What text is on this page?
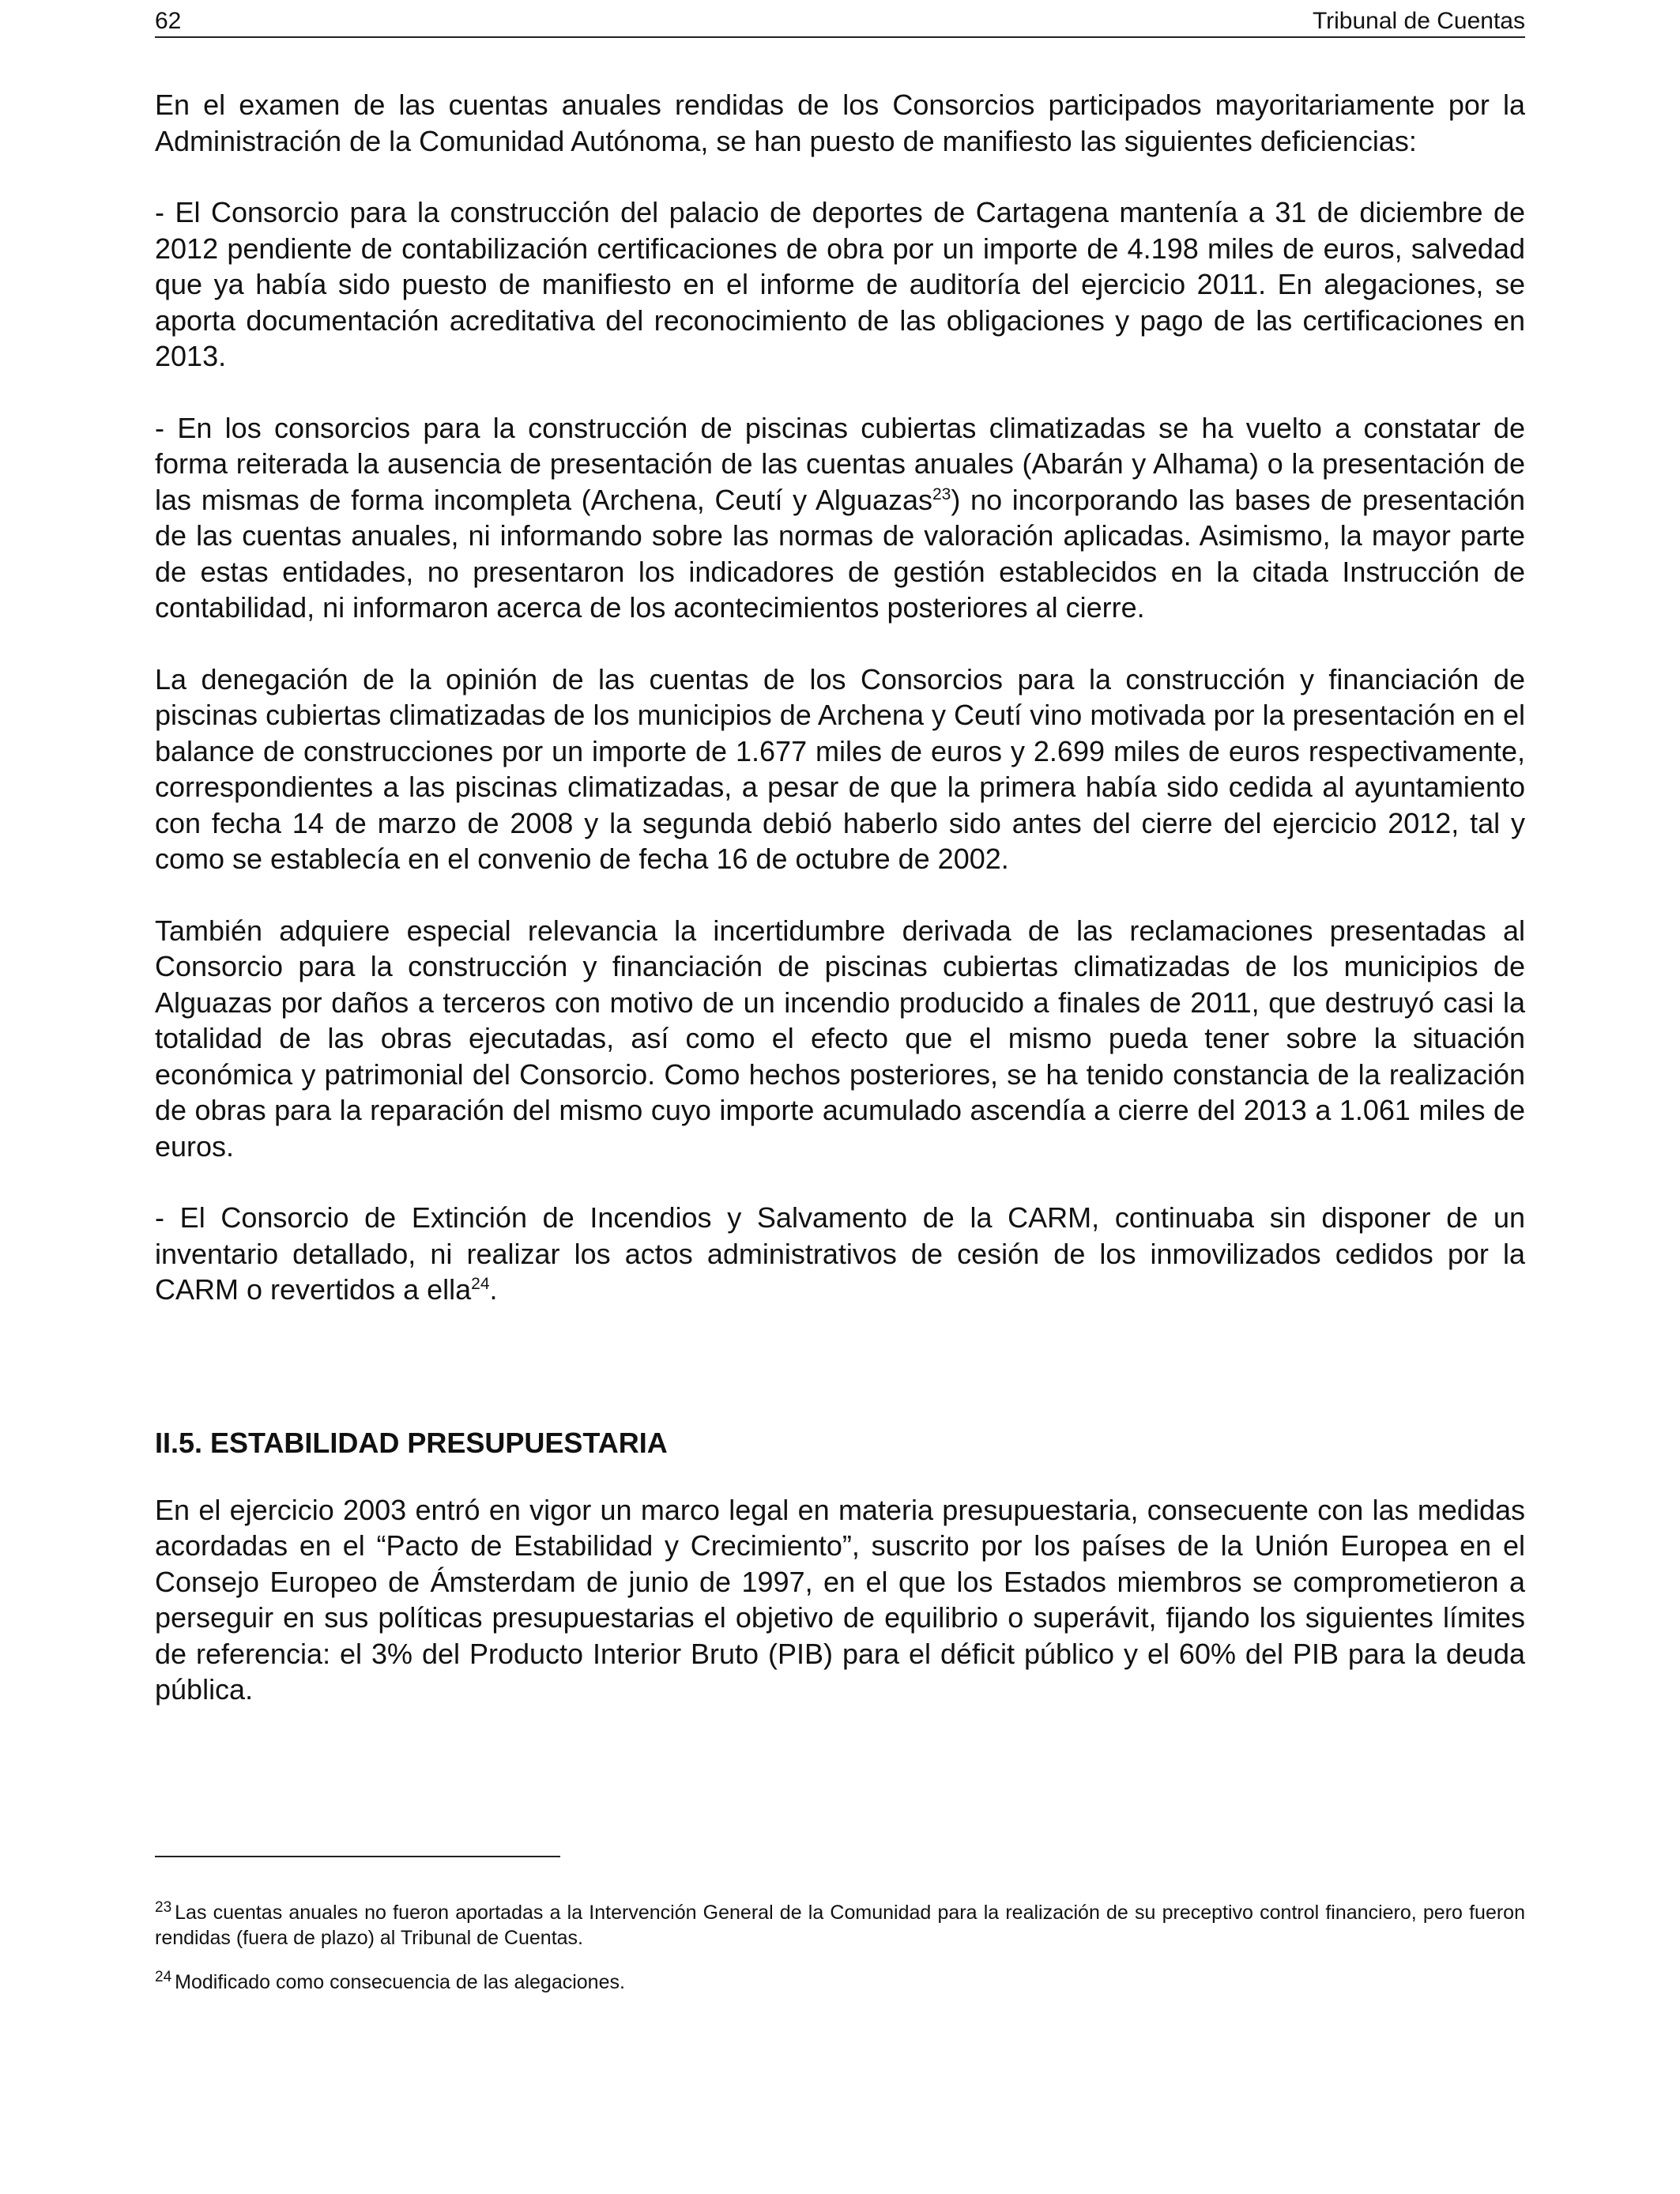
62	Tribunal de Cuentas

En el examen de las cuentas anuales rendidas de los Consorcios participados mayoritariamente por la Administración de la Comunidad Autónoma, se han puesto de manifiesto las siguientes deficiencias:

- El Consorcio para la construcción del palacio de deportes de Cartagena mantenía a 31 de diciembre de 2012 pendiente de contabilización certificaciones de obra por un importe de 4.198 miles de euros, salvedad que ya había sido puesto de manifiesto en el informe de auditoría del ejercicio 2011. En alegaciones, se aporta documentación acreditativa del reconocimiento de las obligaciones y pago de las certificaciones en 2013.

- En los consorcios para la construcción de piscinas cubiertas climatizadas se ha vuelto a constatar de forma reiterada la ausencia de presentación de las cuentas anuales (Abarán y Alhama) o la presentación de las mismas de forma incompleta (Archena, Ceutí y Alguazas$^{23}$) no incorporando las bases de presentación de las cuentas anuales, ni informando sobre las normas de valoración aplicadas. Asimismo, la mayor parte de estas entidades, no presentaron los indicadores de gestión establecidos en la citada Instrucción de contabilidad, ni informaron acerca de los acontecimientos posteriores al cierre.

La denegación de la opinión de las cuentas de los Consorcios para la construcción y financiación de piscinas cubiertas climatizadas de los municipios de Archena y Ceutí vino motivada por la presentación en el balance de construcciones por un importe de 1.677 miles de euros y 2.699 miles de euros respectivamente, correspondientes a las piscinas climatizadas, a pesar de que la primera había sido cedida al ayuntamiento con fecha 14 de marzo de 2008 y la segunda debió haberlo sido antes del cierre del ejercicio 2012, tal y como se establecía en el convenio de fecha 16 de octubre de 2002.

También adquiere especial relevancia la incertidumbre derivada de las reclamaciones presentadas al Consorcio para la construcción y financiación de piscinas cubiertas climatizadas de los municipios de Alguazas por daños a terceros con motivo de un incendio producido a finales de 2011, que destruyó casi la totalidad de las obras ejecutadas, así como el efecto que el mismo pueda tener sobre la situación económica y patrimonial del Consorcio. Como hechos posteriores, se ha tenido constancia de la realización de obras para la reparación del mismo cuyo importe acumulado ascendía a cierre del 2013 a 1.061 miles de euros.

- El Consorcio de Extinción de Incendios y Salvamento de la CARM, continuaba sin disponer de un inventario detallado, ni realizar los actos administrativos de cesión de los inmovilizados cedidos por la CARM o revertidos a ella$^{24}$.

II.5. ESTABILIDAD PRESUPUESTARIA

En el ejercicio 2003 entró en vigor un marco legal en materia presupuestaria, consecuente con las medidas acordadas en el “Pacto de Estabilidad y Crecimiento”, suscrito por los países de la Unión Europea en el Consejo Europeo de Ámsterdam de junio de 1997, en el que los Estados miembros se comprometieron a perseguir en sus políticas presupuestarias el objetivo de equilibrio o superávit, fijando los siguientes límites de referencia: el 3% del Producto Interior Bruto (PIB) para el déficit público y el 60% del PIB para la deuda pública.

$^{23}$ Las cuentas anuales no fueron aportadas a la Intervención General de la Comunidad para la realización de su preceptivo control financiero, pero fueron rendidas (fuera de plazo) al Tribunal de Cuentas.

$^{24}$ Modificado como consecuencia de las alegaciones.
